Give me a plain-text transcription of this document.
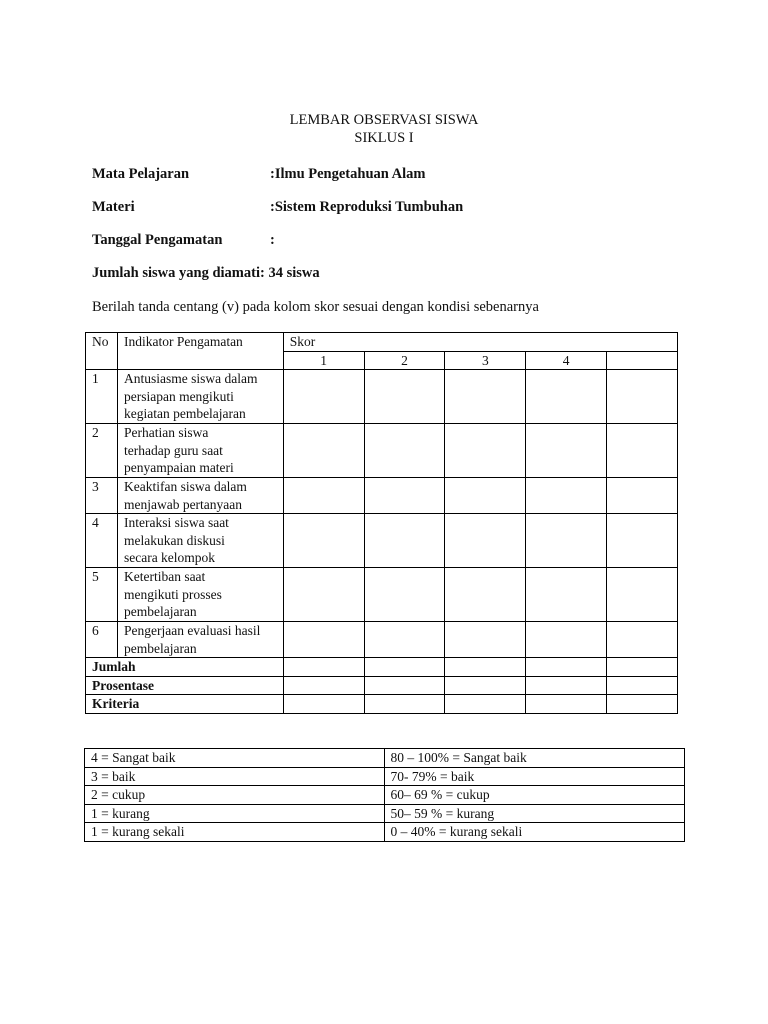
LEMBAR OBSERVASI SISWA
SIKLUS I
Mata Pelajaran	:Ilmu Pengetahuan Alam
Materi	:Sistem Reproduksi Tumbuhan
Tanggal Pengamatan	:
Jumlah siswa yang diamati: 34 siswa
Berilah tanda centang (v) pada kolom skor sesuai dengan kondisi sebenarnya
No	Indikator Pengamatan	Skor				
		1	2	3	4	
1	Antusiasme siswa dalam
persiapan mengikuti
kegiatan pembelajaran					

2	Perhatian siswa
terhadap guru saat
penyampaian materi					

3	Keaktifan siswa dalam
menjawab pertanyaan					

4	Interaksi siswa saat
melakukan diskusi
secara kelompok					

5	Ketertiban saat
mengikuti prosses
pembelajaran					

6	Pengerjaan evaluasi hasil
pembelajaran					

Jumlah						
Prosentase						
Kriteria						
4 = Sangat baik	80 – 100% = Sangat baik
3 = baik	70- 79% = baik
2 = cukup	60– 69 % = cukup
1 = kurang	50– 59 % = kurang
1 = kurang sekali	0 – 40% = kurang sekali
